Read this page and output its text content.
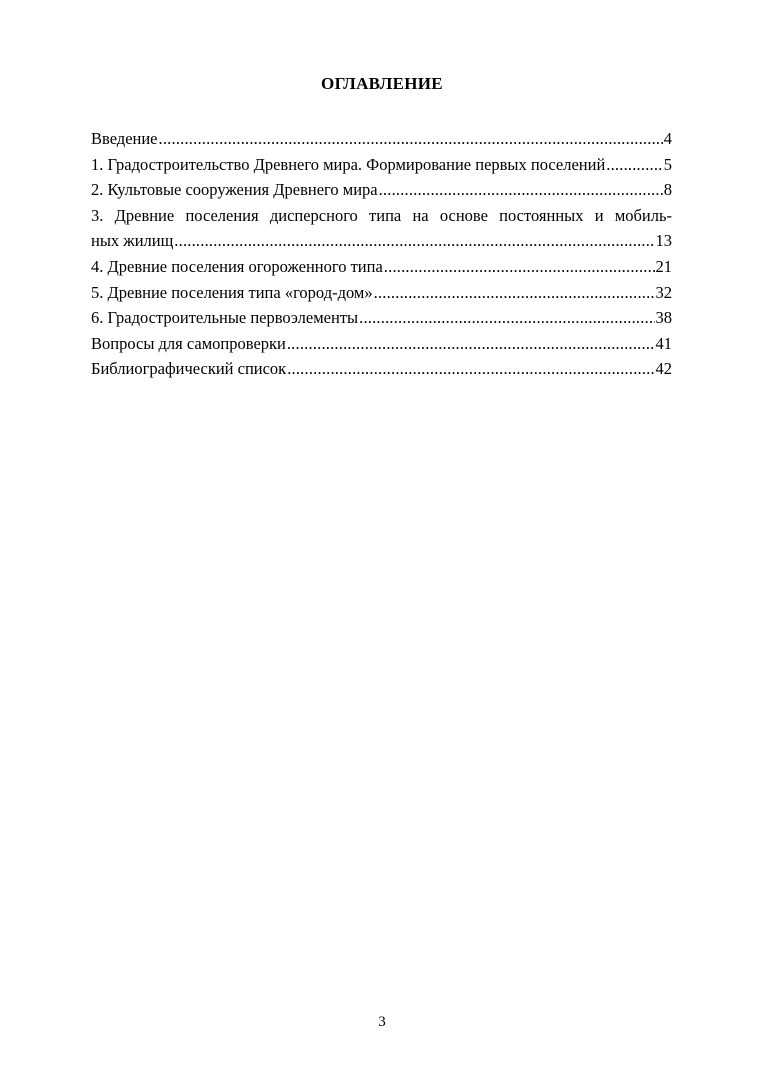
ОГЛАВЛЕНИЕ
Введение .....	4
1. Градостроительство Древнего мира. Формирование первых поселений .....	5
2. Культовые сооружения Древнего мира .....	8
3. Древние поселения дисперсного типа на основе постоянных и мобиль-
ных жилищ .....	13
4. Древние поселения огороженного типа .....	21
5. Древние поселения типа «город-дом» .....	32
6. Градостроительные первоэлементы .....	38
Вопросы для самопроверки .....	41
Библиографический список .....	42
3
